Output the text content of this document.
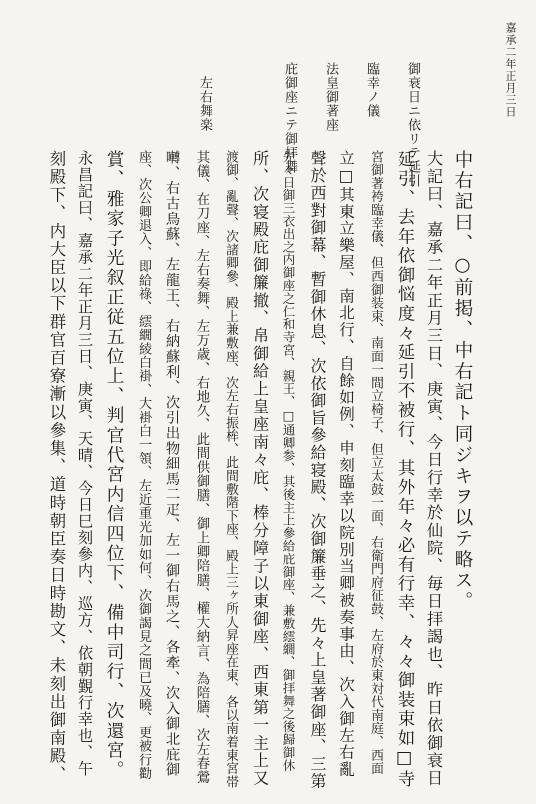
嘉承二年正月三日
御衰日ニ依リテ延引
臨幸ノ儀
法皇御著座
庇御座ニテ御拝舞
左右舞楽
中右記曰、○前掲、中右記ト同ジキヲ以テ略ス。
大記曰、嘉承二年正月三日、庚寅、今日行幸於仙院、毎日拝謁也、昨日依御衰日
延引、去年依御悩度々延引不被行、其外年々必有行幸、々々御装束如□寺
宮御著袴臨幸儀、但西御装束、南面一間立椅子、但立太鼓一面、右衛門府征鼓、左府於東対代南庭、西面
立□其東立樂屋、南北行、自餘如例、申刻臨幸以院別当卿被奏事由、次入御左右亂
聲於西對御幕、暫御休息、次依御旨參給寝殿、次御簾垂之、先々上皇著御座、三第
先々日御三衣出之内御座之仁和寺宮、親王、□通卿参、其後主上參給庇御座、兼敷繧繝、御拝舞之後歸御休
所、次寝殿庇御簾撤、帛御給上皇座南々庇、棒分障子以東御座、西東第一主上又
渡御、亂聲、次諸卿參、殿上兼敷座、次左右振桙、此間敷階下座、殿上三ヶ所人昇座在東、各以南着東宮帯
其儀、在刀座、左右奏舞、左万歳、右地久、此間供御膳、御上卿陪膳、權大納言、為陪膳、次左春鶯
囀、右古鳥蘇、左龍王、右納蘇利、次引出物細馬二疋、左一御右馬之、各牽、次入御北庇御
座、次公卿退入、即給祿、繧繝綾白褂、大褂白一領、左近重光加如何、次御謁見之間已及曉、更被行勸
賞、雅家子光叙正従五位上、判官代宮内信四位下、備中司行、次還宮。
永昌記曰、嘉承二年正月三日、庚寅、天晴、今日巳刻參内、巡方、依朝覲行幸也、午
刻殿下、内大臣以下群官百寮漸以參集、道時朝臣奏日時勘文、未刻出御南殿、
